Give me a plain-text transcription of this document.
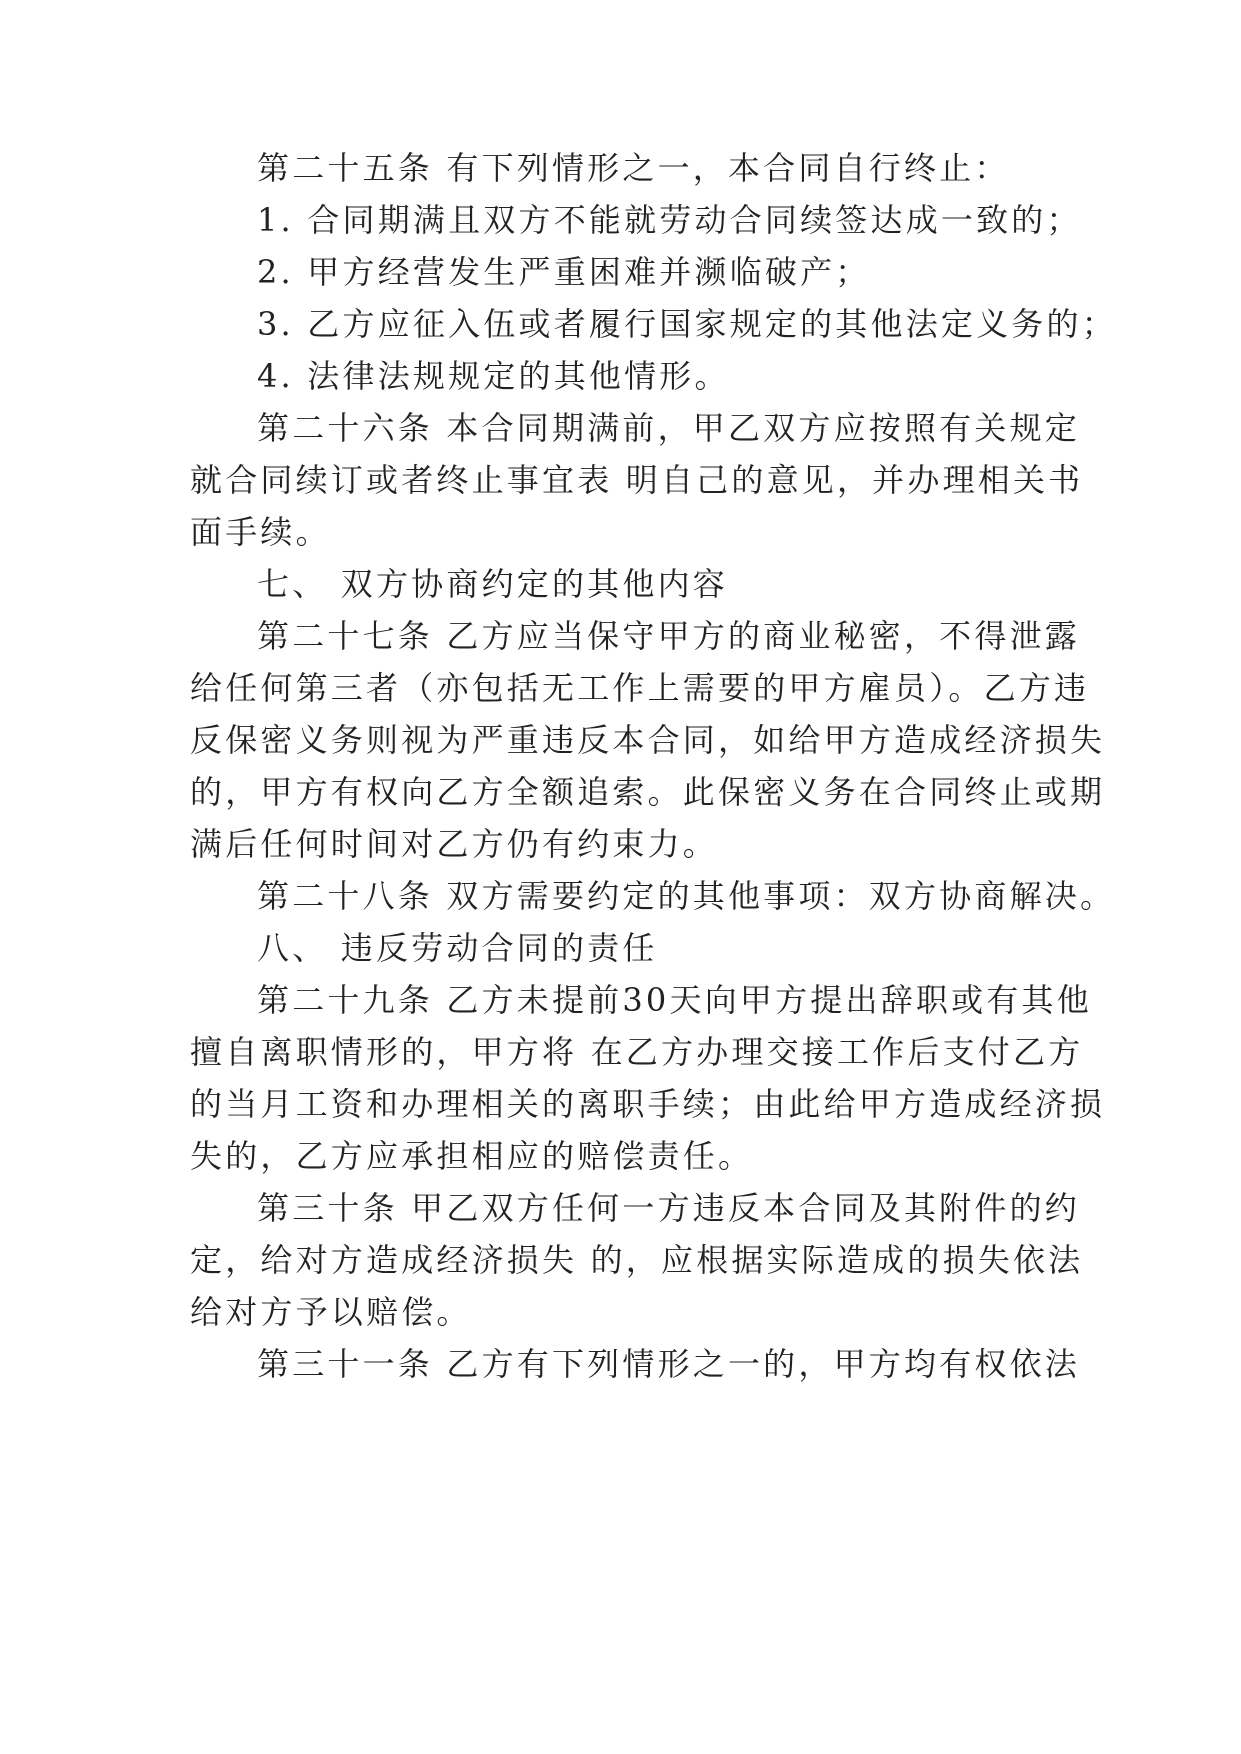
第二十五条 有下列情形之一，本合同自行终止：
1. 合同期满且双方不能就劳动合同续签达成一致的；
2. 甲方经营发生严重困难并濒临破产；
3. 乙方应征入伍或者履行国家规定的其他法定义务的；
4. 法律法规规定的其他情形。
第二十六条 本合同期满前，甲乙双方应按照有关规定
就合同续订或者终止事宜表 明自己的意见，并办理相关书
面手续。
七、 双方协商约定的其他内容
第二十七条 乙方应当保守甲方的商业秘密，不得泄露
给任何第三者（亦包括无工作上需要的甲方雇员）。乙方违
反保密义务则视为严重违反本合同，如给甲方造成经济损失
的，甲方有权向乙方全额追索。此保密义务在合同终止或期
满后任何时间对乙方仍有约束力。
第二十八条 双方需要约定的其他事项：双方协商解决。
八、 违反劳动合同的责任
第二十九条 乙方未提前30天向甲方提出辞职或有其他
擅自离职情形的，甲方将 在乙方办理交接工作后支付乙方
的当月工资和办理相关的离职手续；由此给甲方造成经济损
失的，乙方应承担相应的赔偿责任。
第三十条 甲乙双方任何一方违反本合同及其附件的约
定，给对方造成经济损失 的，应根据实际造成的损失依法
给对方予以赔偿。
第三十一条 乙方有下列情形之一的，甲方均有权依法
